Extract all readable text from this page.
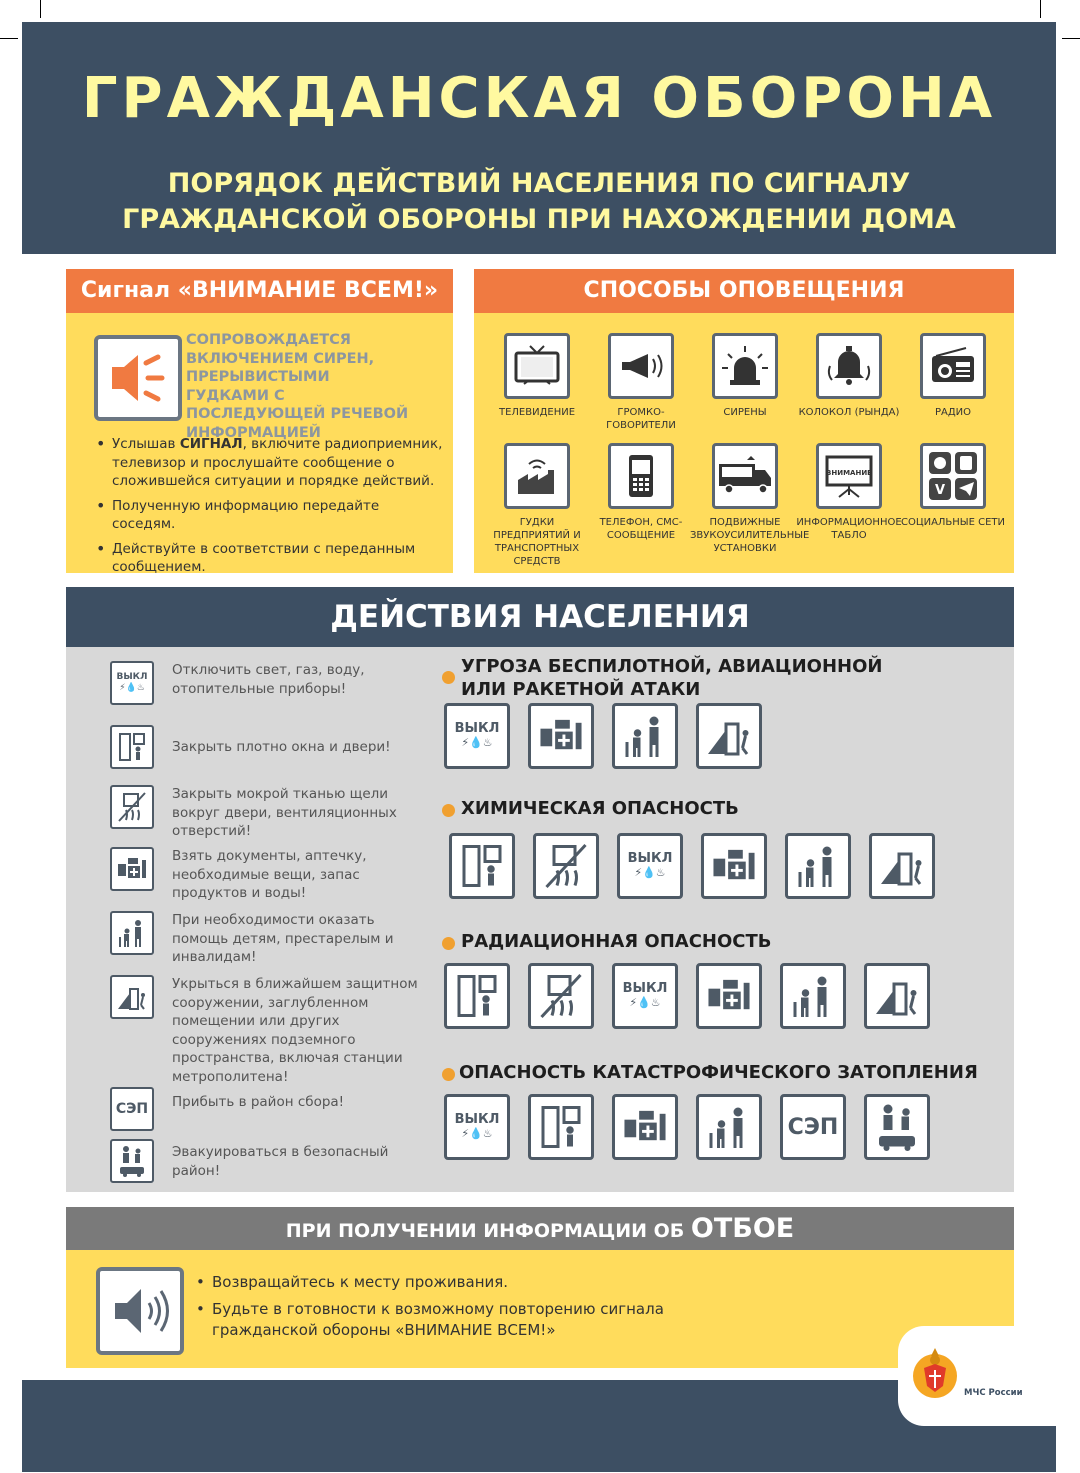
ГРАЖДАНСКАЯ ОБОРОНА
ПОРЯДОК ДЕЙСТВИЙ НАСЕЛЕНИЯ ПО СИГНАЛУ
ГРАЖДАНСКОЙ ОБОРОНЫ ПРИ НАХОЖДЕНИИ ДОМА
Сигнал «ВНИМАНИЕ ВСЕМ!»
СОПРОВОЖДАЕТСЯ ВКЛЮЧЕНИЕМ СИРЕН, ПРЕРЫВИСТЫМИ ГУДКАМИ С ПОСЛЕДУЮЩЕЙ РЕЧЕВОЙ ИНФОРМАЦИЕЙ
• Услышав СИГНАЛ, включите радиоприемник, телевизор и прослушайте сообщение о сложившейся ситуации и порядке действий.
• Полученную информацию передайте соседям.
• Действуйте в соответствии с переданным сообщением.
СПОСОБЫ ОПОВЕЩЕНИЯ
ТЕЛЕВИДЕНИЕ	ГРОМКО-
ГОВОРИТЕЛИ
СИРЕНЫ	КОЛОКОЛ (РЫНДА)	РАДИО
ГУДКИ ПРЕДПРИЯТИЙ И ТРАНСПОРТНЫХ СРЕДСТВ
ТЕЛЕФОН, СМС-СООБЩЕНИЕ
ПОДВИЖНЫЕ ЗВУКОУСИЛИТЕЛЬНЫЕ УСТАНОВКИ
ВНИМАНИЕ
ИНФОРМАЦИОННОЕ ТАБЛО
V
СОЦИАЛЬНЫЕ СЕТИ
ДЕЙСТВИЯ НАСЕЛЕНИЯ
ВЫКЛ
⚡💧♨
Отключить свет, газ, воду, отопительные приборы!
Закрыть плотно окна и двери!
Закрыть мокрой тканью щели вокруг двери, вентиляционных отверстий!
Взять документы, аптечку, необходимые вещи, запас продуктов и воды!
При необходимости оказать помощь детям, престарелым и инвалидам!
Укрыться в ближайшем защитном сооружении, заглубленном помещении или других сооружениях подземного пространства, включая станции метрополитена!
СЭП Прибыть в район сбора!
Эвакуироваться в безопасный район!
УГРОЗА БЕСПИЛОТНОЙ, АВИАЦИОННОЙ
ИЛИ РАКЕТНОЙ АТАКИ
ВЫКЛ
⚡💧♨
ХИМИЧЕСКАЯ ОПАСНОСТЬ
ВЫКЛ
⚡💧♨
РАДИАЦИОННАЯ ОПАСНОСТЬ
ВЫКЛ
⚡💧♨
ОПАСНОСТЬ КАТАСТРОФИЧЕСКОГО ЗАТОПЛЕНИЯ
ВЫКЛ
⚡💧♨	СЭП
ПРИ ПОЛУЧЕНИИ ИНФОРМАЦИИ ОБ ОТБОЕ
• Возвращайтесь к месту проживания.
• Будьте в готовности к возможному повторению сигнала гражданской обороны «ВНИМАНИЕ ВСЕМ!»
МЧС России
